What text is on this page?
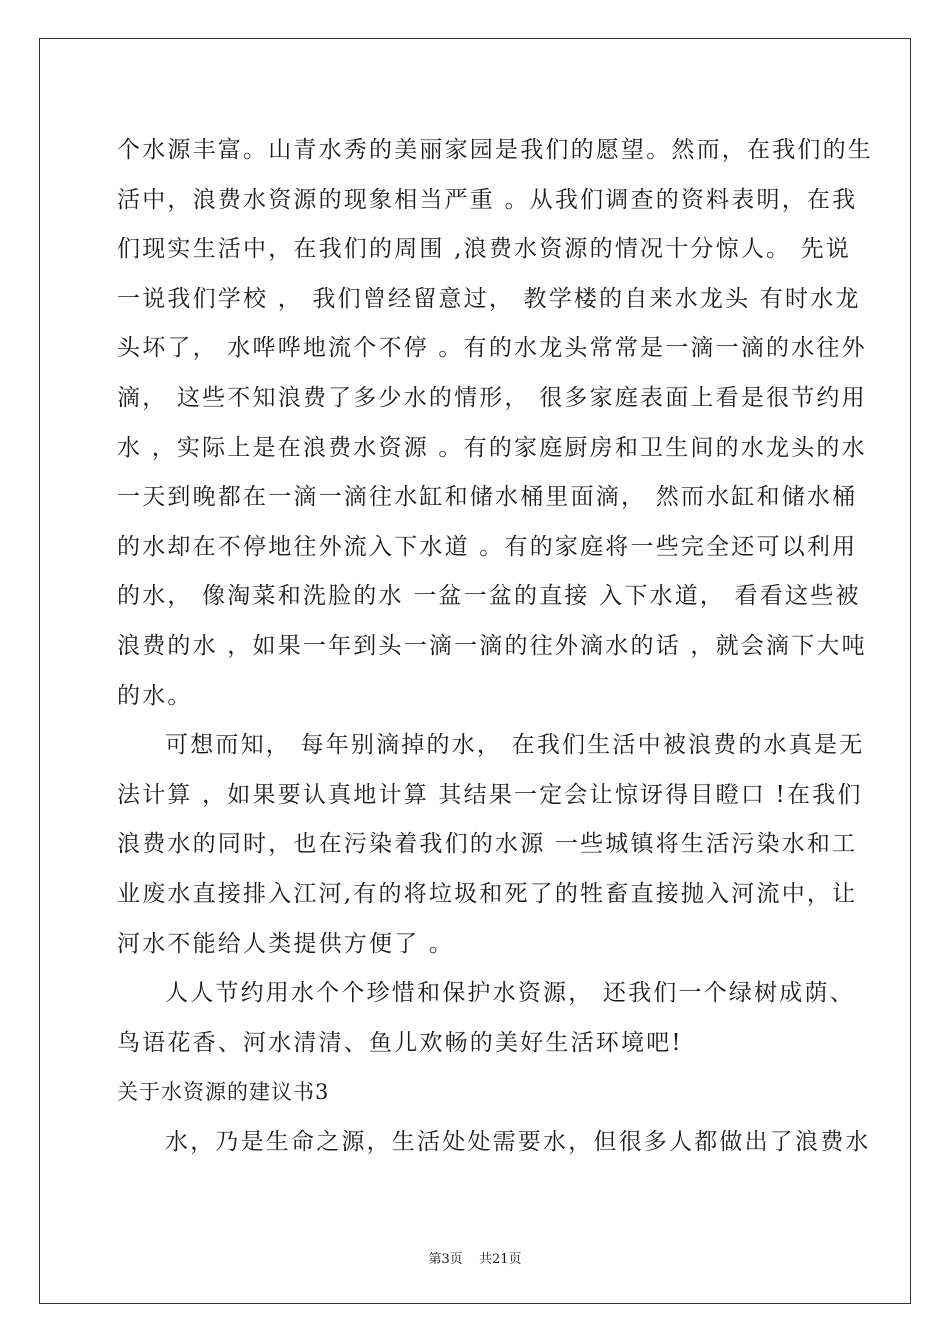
个水源丰富。山青水秀的美丽家园是我们的愿望。然而，在我们的生
活中，浪费水资源的现象相当严重 。从我们调查的资料表明，在我
们现实生活中，在我们的周围 ,浪费水资源的情况十分惊人。 先说
一说我们学校 ， 我们曾经留意过， 教学楼的自来水龙头 有时水龙
头坏了， 水哗哗地流个不停 。有的水龙头常常是一滴一滴的水往外
滴， 这些不知浪费了多少水的情形， 很多家庭表面上看是很节约用
水 ，实际上是在浪费水资源 。有的家庭厨房和卫生间的水龙头的水
一天到晚都在一滴一滴往水缸和储水桶里面滴， 然而水缸和储水桶
的水却在不停地往外流入下水道 。有的家庭将一些完全还可以利用
的水， 像淘菜和洗脸的水 一盆一盆的直接 入下水道， 看看这些被
浪费的水 ，如果一年到头一滴一滴的往外滴水的话 ，就会滴下大吨
的水。
可想而知， 每年别滴掉的水， 在我们生活中被浪费的水真是无
法计算 ，如果要认真地计算 其结果一定会让惊讶得目瞪口 !在我们
浪费水的同时，也在污染着我们的水源 一些城镇将生活污染水和工
业废水直接排入江河,有的将垃圾和死了的牲畜直接抛入河流中，让
河水不能给人类提供方便了 。
人人节约用水个个珍惜和保护水资源， 还我们一个绿树成荫、
鸟语花香、河水清清、鱼儿欢畅的美好生活环境吧!
关于水资源的建议书3
水，乃是生命之源，生活处处需要水，但很多人都做出了浪费水
第3页 共21页
